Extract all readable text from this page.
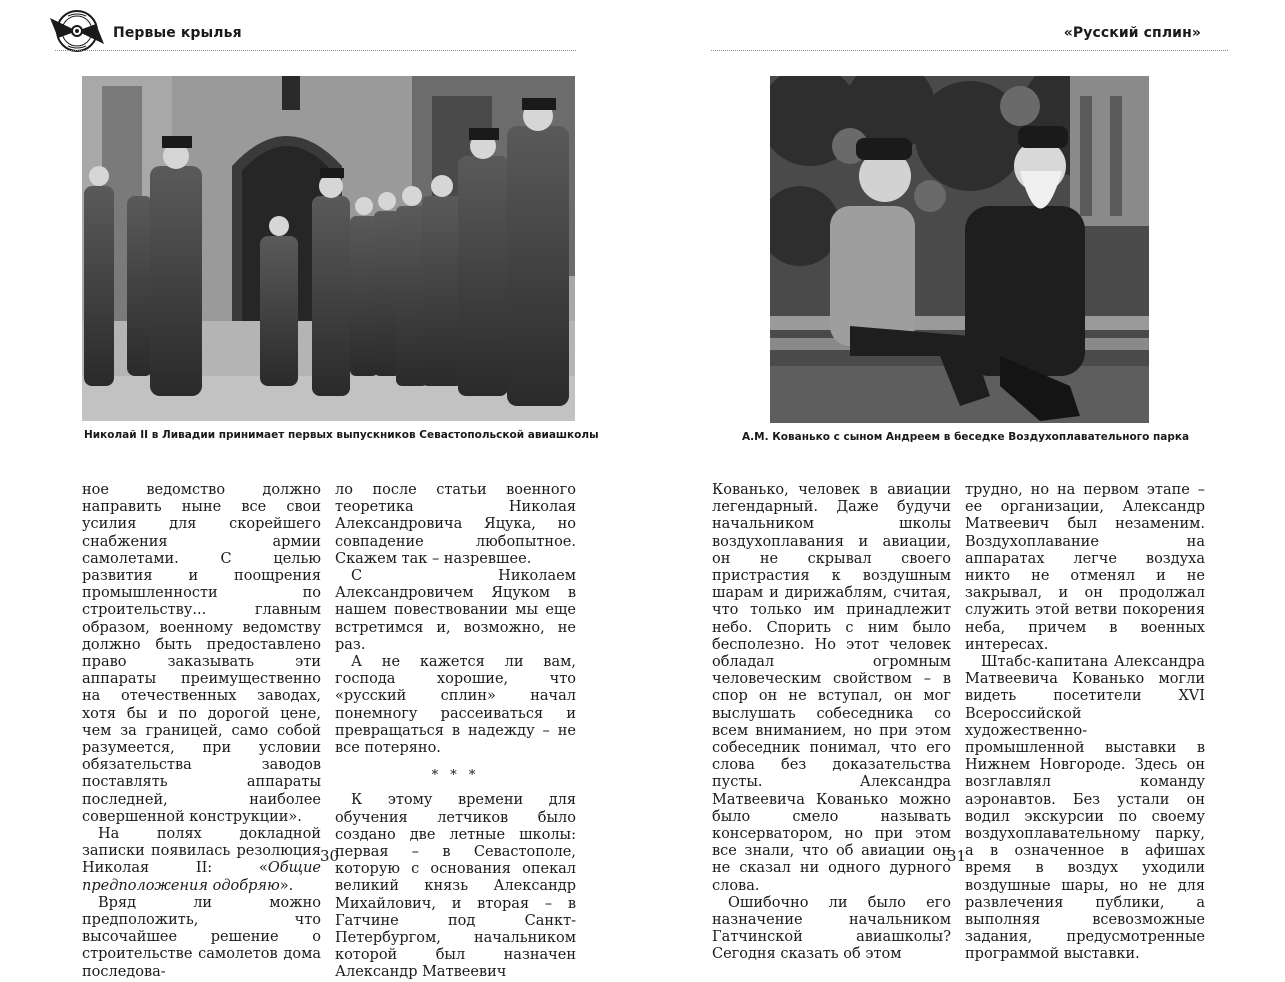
Первые крылья
Николай II в Ливадии принимает первых выпускников Севастопольской авиашколы

ное ведомство должно направить ныне все свои усилия для скорейшего снабжения армии самолетами. С целью развития и поощрения промышленности по строительству... главным образом, военному ведомству должно быть предоставлено право заказывать эти аппараты преимущественно на отечественных заводах, хотя бы и по дорогой цене, чем за границей, само собой разумеется, при условии обязательства заводов поставлять аппараты последней, наиболее совершенной конструкции».

На полях докладной записки появилась резолюция Николая II: «Общие предположения одобряю».

Вряд ли можно предположить, что высочайшее решение о строительстве самолетов дома последова-

ло после статьи военного теоретика Николая Александровича Яцука, но совпадение любопытное. Скажем так – назревшее.

С Николаем Александровичем Яцуком в нашем повествовании мы еще встретимся и, возможно, не раз.

А не кажется ли вам, господа хорошие, что «русский сплин» начал понемногу рассеиваться и превращаться в надежду – не все потеряно.

* * *

К этому времени для обучения летчиков было создано две летные школы: первая – в Севастополе, которую с основания опекал великий князь Александр Михайлович, и вторая – в Гатчине под Санкт-Петербургом, начальником которой был назначен Александр Матвеевич

30
«Русский сплин»
А.М. Кованько с сыном Андреем в беседке Воздухоплавательного парка

Кованько, человек в авиации легендарный. Даже будучи начальником школы воздухоплавания и авиации, он не скрывал своего пристрастия к воздушным шарам и дирижаблям, считая, что только им принадлежит небо. Спорить с ним было бесполезно. Но этот человек обладал огромным человеческим свойством – в спор он не вступал, он мог выслушать собеседника со всем вниманием, но при этом собеседник понимал, что его слова без доказательства пусты. Александра Матвеевича Кованько можно было смело называть консерватором, но при этом все знали, что об авиации он не сказал ни одного дурного слова.

Ошибочно ли было его назначение начальником Гатчинской авиашколы? Сегодня сказать об этом

трудно, но на первом этапе – ее организации, Александр Матвеевич был незаменим. Воздухоплавание на аппаратах легче воздуха никто не отменял и не закрывал, и он продолжал служить этой ветви покорения неба, причем в военных интересах.

Штабс-капитана Александра Матвеевича Кованько могли видеть посетители XVI Всероссийской художественно-промышленной выставки в Нижнем Новгороде. Здесь он возглавлял команду аэронавтов. Без устали он водил экскурсии по своему воздухоплавательному парку, а в означенное в афишах время в воздух уходили воздушные шары, но не для развлечения публики, а выполняя всевозможные задания, предусмотренные программой выставки.

31
